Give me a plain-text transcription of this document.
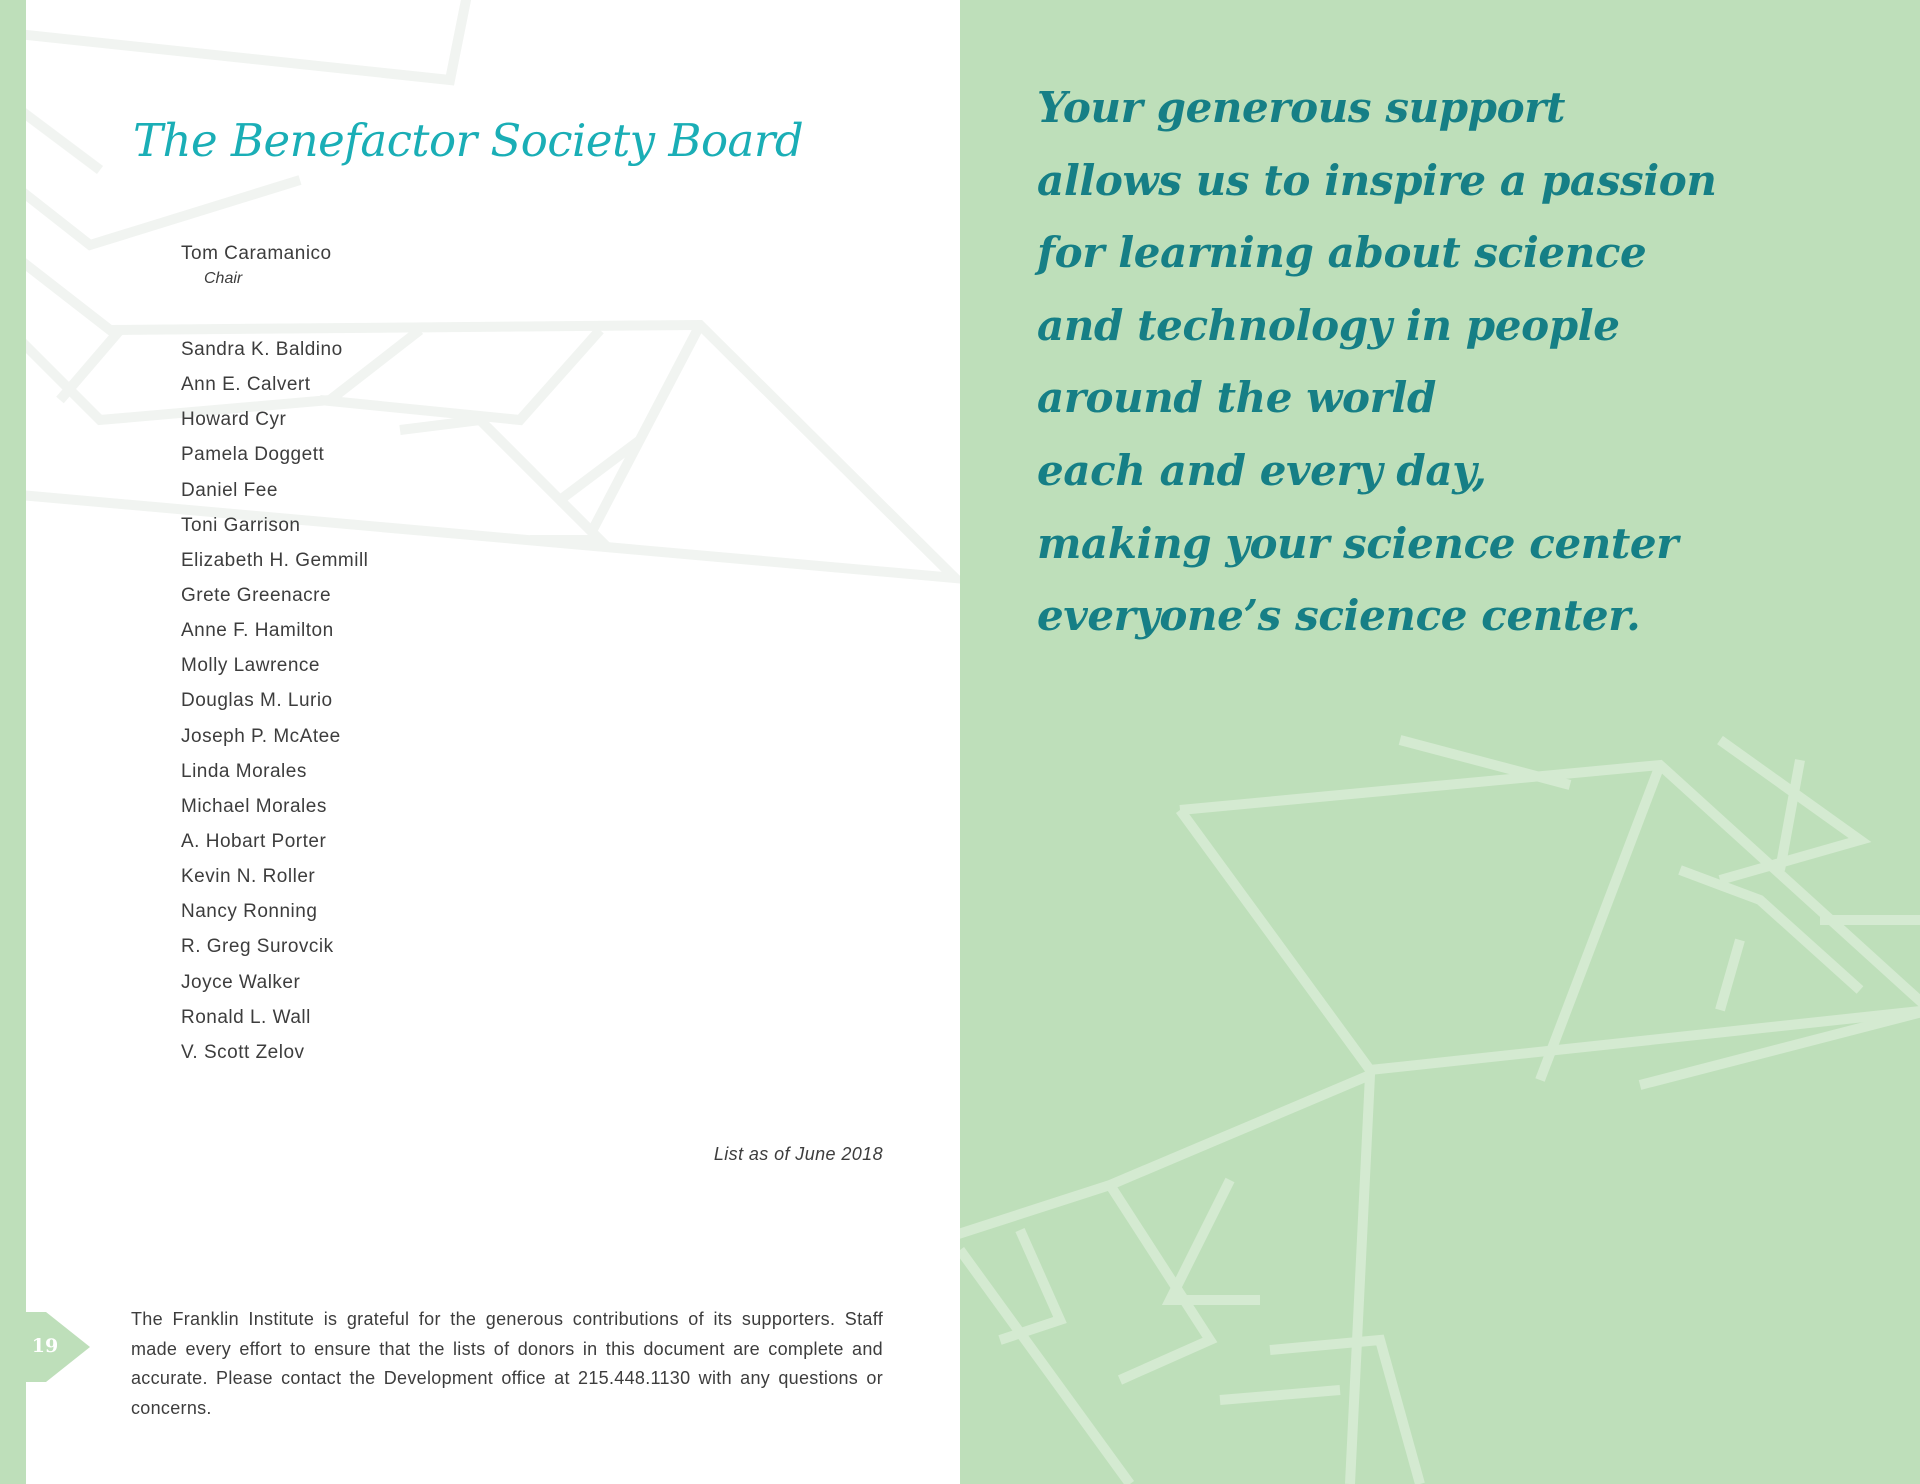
19
The Benefactor Society Board
Tom Caramanico
Chair
Sandra K. Baldino
Ann E. Calvert
Howard Cyr
Pamela Doggett
Daniel Fee
Toni Garrison
Elizabeth H. Gemmill
Grete Greenacre
Anne F. Hamilton
Molly Lawrence
Douglas M. Lurio
Joseph P. McAtee
Linda Morales
Michael Morales
A. Hobart Porter
Kevin N. Roller
Nancy Ronning
R. Greg Surovcik
Joyce Walker
Ronald L. Wall
V. Scott Zelov
List as of June 2018

The Franklin Institute is grateful for the generous contributions of its supporters. Staff made every effort to ensure that the lists of donors in this document are complete and accurate. Please contact the Development office at 215.448.1130 with any questions or concerns.

Your generous support
allows us to inspire a passion
for learning about science
and technology in people
around the world
each and every day,
making your science center
everyone’s science center.
